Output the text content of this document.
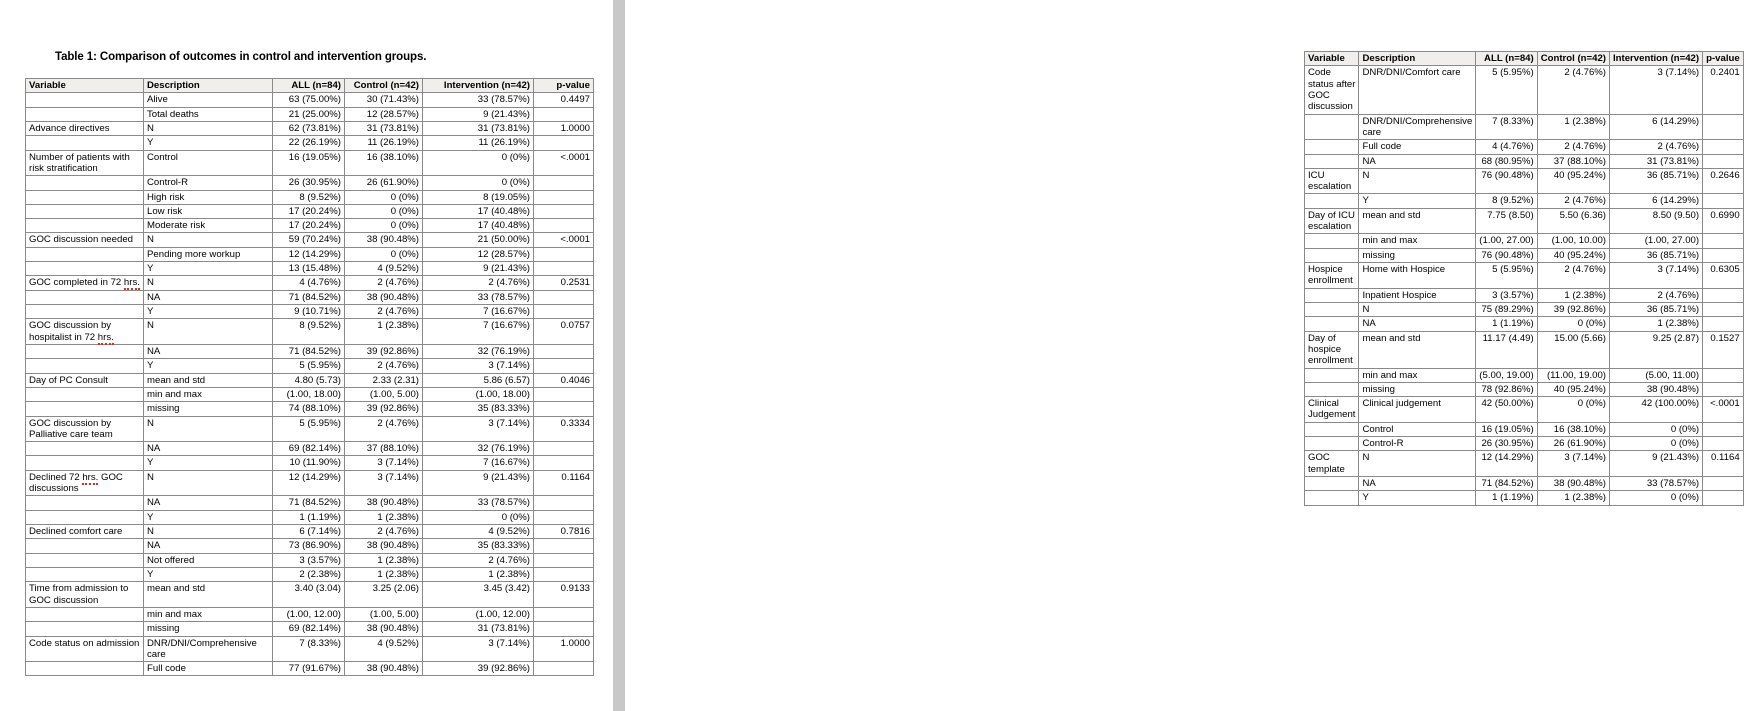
Table 1: Comparison of outcomes in control and intervention groups.
Variable	Description	ALL (n=84)	Control (n=42)	Intervention (n=42)	p-value
	Alive	63 (75.00%)	30 (71.43%)	33 (78.57%)	0.4497
	Total deaths	21 (25.00%)	12 (28.57%)	9 (21.43%)	
Advance directives	N	62 (73.81%)	31 (73.81%)	31 (73.81%)	1.0000
	Y	22 (26.19%)	11 (26.19%)	11 (26.19%)	
Number of patients with risk stratification	Control	16 (19.05%)	16 (38.10%)	0 (0%)	<.0001
	Control-R	26 (30.95%)	26 (61.90%)	0 (0%)	
	High risk	8 (9.52%)	0 (0%)	8 (19.05%)	
	Low risk	17 (20.24%)	0 (0%)	17 (40.48%)	
	Moderate risk	17 (20.24%)	0 (0%)	17 (40.48%)	
GOC discussion needed	N	59 (70.24%)	38 (90.48%)	21 (50.00%)	<.0001
	Pending more workup	12 (14.29%)	0 (0%)	12 (28.57%)	
	Y	13 (15.48%)	4 (9.52%)	9 (21.43%)	
GOC completed in 72 hrs.	N	4 (4.76%)	2 (4.76%)	2 (4.76%)	0.2531
	NA	71 (84.52%)	38 (90.48%)	33 (78.57%)	
	Y	9 (10.71%)	2 (4.76%)	7 (16.67%)	
GOC discussion by hospitalist in 72 hrs.	N	8 (9.52%)	1 (2.38%)	7 (16.67%)	0.0757
	NA	71 (84.52%)	39 (92.86%)	32 (76.19%)	
	Y	5 (5.95%)	2 (4.76%)	3 (7.14%)	
Day of PC Consult	mean and std	4.80 (5.73)	2.33 (2.31)	5.86 (6.57)	0.4046
	min and max	(1.00, 18.00)	(1.00, 5.00)	(1.00, 18.00)	
	missing	74 (88.10%)	39 (92.86%)	35 (83.33%)	
GOC discussion by Palliative care team	N	5 (5.95%)	2 (4.76%)	3 (7.14%)	0.3334
	NA	69 (82.14%)	37 (88.10%)	32 (76.19%)	
	Y	10 (11.90%)	3 (7.14%)	7 (16.67%)	
Declined 72 hrs. GOC discussions	N	12 (14.29%)	3 (7.14%)	9 (21.43%)	0.1164
	NA	71 (84.52%)	38 (90.48%)	33 (78.57%)	
	Y	1 (1.19%)	1 (2.38%)	0 (0%)	
Declined comfort care	N	6 (7.14%)	2 (4.76%)	4 (9.52%)	0.7816
	NA	73 (86.90%)	38 (90.48%)	35 (83.33%)	
	Not offered	3 (3.57%)	1 (2.38%)	2 (4.76%)	
	Y	2 (2.38%)	1 (2.38%)	1 (2.38%)	
Time from admission to GOC discussion	mean and std	3.40 (3.04)	3.25 (2.06)	3.45 (3.42)	0.9133
	min and max	(1.00, 12.00)	(1.00, 5.00)	(1.00, 12.00)	
	missing	69 (82.14%)	38 (90.48%)	31 (73.81%)	
Code status on admission	DNR/DNI/Comprehensive care	7 (8.33%)	4 (9.52%)	3 (7.14%)	1.0000
	Full code	77 (91.67%)	38 (90.48%)	39 (92.86%)	
Variable	Description	ALL (n=84)	Control (n=42)	Intervention (n=42)	p-value
Code status after GOC discussion	DNR/DNI/Comfort care	5 (5.95%)	2 (4.76%)	3 (7.14%)	0.2401
	DNR/DNI/Comprehensive care	7 (8.33%)	1 (2.38%)	6 (14.29%)	
	Full code	4 (4.76%)	2 (4.76%)	2 (4.76%)	
	NA	68 (80.95%)	37 (88.10%)	31 (73.81%)	
ICU escalation	N	76 (90.48%)	40 (95.24%)	36 (85.71%)	0.2646
	Y	8 (9.52%)	2 (4.76%)	6 (14.29%)	
Day of ICU escalation	mean and std	7.75 (8.50)	5.50 (6.36)	8.50 (9.50)	0.6990
	min and max	(1.00, 27.00)	(1.00, 10.00)	(1.00, 27.00)	
	missing	76 (90.48%)	40 (95.24%)	36 (85.71%)	
Hospice enrollment	Home with Hospice	5 (5.95%)	2 (4.76%)	3 (7.14%)	0.6305
	Inpatient Hospice	3 (3.57%)	1 (2.38%)	2 (4.76%)	
	N	75 (89.29%)	39 (92.86%)	36 (85.71%)	
	NA	1 (1.19%)	0 (0%)	1 (2.38%)	
Day of hospice enrollment	mean and std	11.17 (4.49)	15.00 (5.66)	9.25 (2.87)	0.1527
	min and max	(5.00, 19.00)	(11.00, 19.00)	(5.00, 11.00)	
	missing	78 (92.86%)	40 (95.24%)	38 (90.48%)	
Clinical Judgement	Clinical judgement	42 (50.00%)	0 (0%)	42 (100.00%)	<.0001
	Control	16 (19.05%)	16 (38.10%)	0 (0%)	
	Control-R	26 (30.95%)	26 (61.90%)	0 (0%)	
GOC template	N	12 (14.29%)	3 (7.14%)	9 (21.43%)	0.1164
	NA	71 (84.52%)	38 (90.48%)	33 (78.57%)	
	Y	1 (1.19%)	1 (2.38%)	0 (0%)	
